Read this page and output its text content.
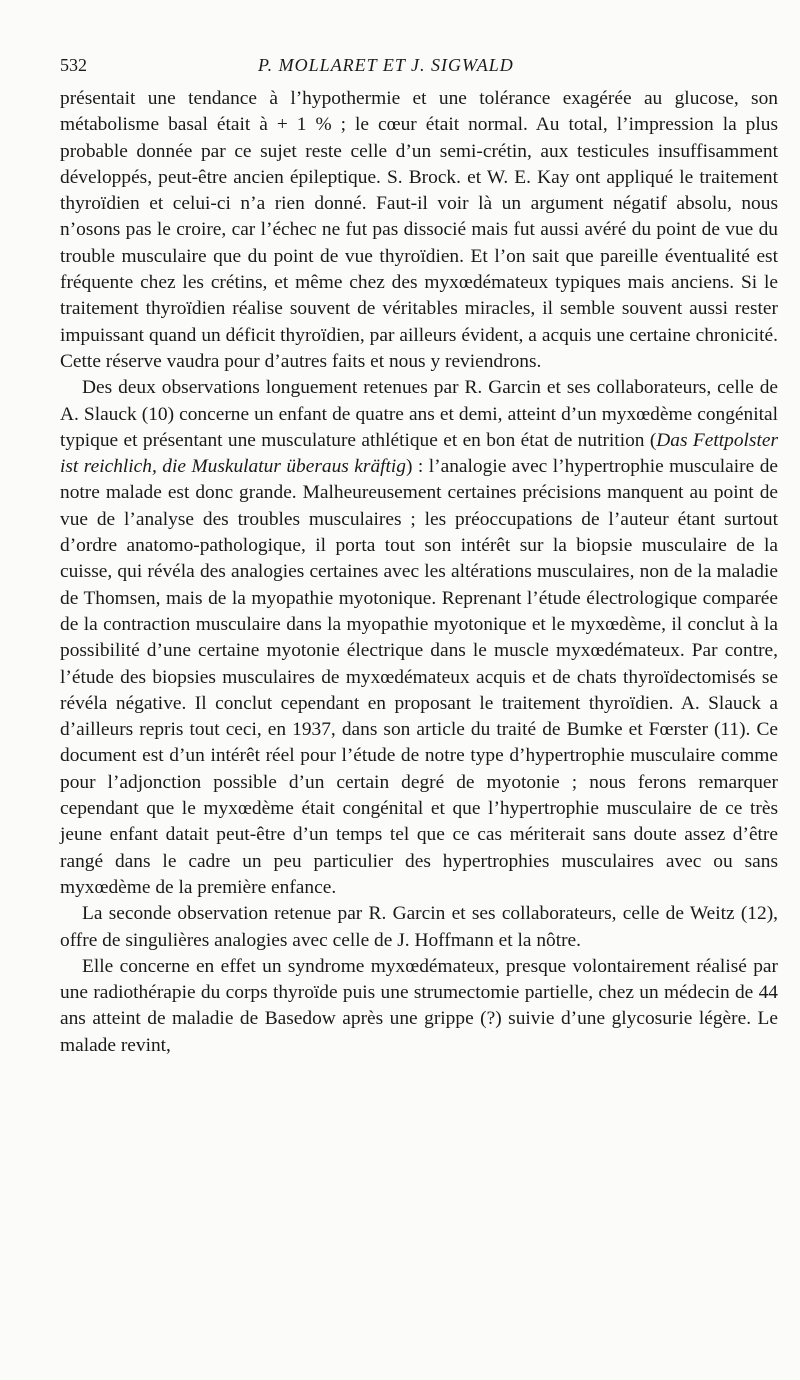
532	P. MOLLARET ET J. SIGWALD

présentait une tendance à l’hypothermie et une tolérance exagérée au glucose, son métabolisme basal était à + 1 % ; le cœur était normal. Au total, l’impression la plus probable donnée par ce sujet reste celle d’un semi-crétin, aux testicules insuffisamment développés, peut-être ancien épileptique. S. Brock. et W. E. Kay ont appliqué le traitement thyroïdien et celui-ci n’a rien donné. Faut-il voir là un argument négatif absolu, nous n’osons pas le croire, car l’échec ne fut pas dissocié mais fut aussi avéré du point de vue du trouble musculaire que du point de vue thyroïdien. Et l’on sait que pareille éventualité est fréquente chez les crétins, et même chez des myxœdémateux typiques mais anciens. Si le traitement thyroïdien réalise souvent de véritables miracles, il semble souvent aussi rester impuissant quand un déficit thyroïdien, par ailleurs évident, a acquis une certaine chronicité. Cette réserve vaudra pour d’autres faits et nous y reviendrons.

Des deux observations longuement retenues par R. Garcin et ses collaborateurs, celle de A. Slauck (10) concerne un enfant de quatre ans et demi, atteint d’un myxœdème congénital typique et présentant une musculature athlétique et en bon état de nutrition (Das Fettpolster ist reichlich, die Muskulatur überaus kräftig) : l’analogie avec l’hypertrophie musculaire de notre malade est donc grande. Malheureusement certaines précisions manquent au point de vue de l’analyse des troubles musculaires ; les préoccupations de l’auteur étant surtout d’ordre anatomo-pathologique, il porta tout son intérêt sur la biopsie musculaire de la cuisse, qui révéla des analogies certaines avec les altérations musculaires, non de la maladie de Thomsen, mais de la myopathie myotonique. Reprenant l’étude électrologique comparée de la contraction musculaire dans la myopathie myotonique et le myxœdème, il conclut à la possibilité d’une certaine myotonie électrique dans le muscle myxœdémateux. Par contre, l’étude des biopsies musculaires de myxœdémateux acquis et de chats thyroïdectomisés se révéla négative. Il conclut cependant en proposant le traitement thyroïdien. A. Slauck a d’ailleurs repris tout ceci, en 1937, dans son article du traité de Bumke et Fœrster (11). Ce document est d’un intérêt réel pour l’étude de notre type d’hypertrophie musculaire comme pour l’adjonction possible d’un certain degré de myotonie ; nous ferons remarquer cependant que le myxœdème était congénital et que l’hypertrophie musculaire de ce très jeune enfant datait peut-être d’un temps tel que ce cas mériterait sans doute assez d’être rangé dans le cadre un peu particulier des hypertrophies musculaires avec ou sans myxœdème de la première enfance.

La seconde observation retenue par R. Garcin et ses collaborateurs, celle de Weitz (12), offre de singulières analogies avec celle de J. Hoffmann et la nôtre.

Elle concerne en effet un syndrome myxœdémateux, presque volontairement réalisé par une radiothérapie du corps thyroïde puis une strumectomie partielle, chez un médecin de 44 ans atteint de maladie de Basedow après une grippe (?) suivie d’une glycosurie légère. Le malade revint,
